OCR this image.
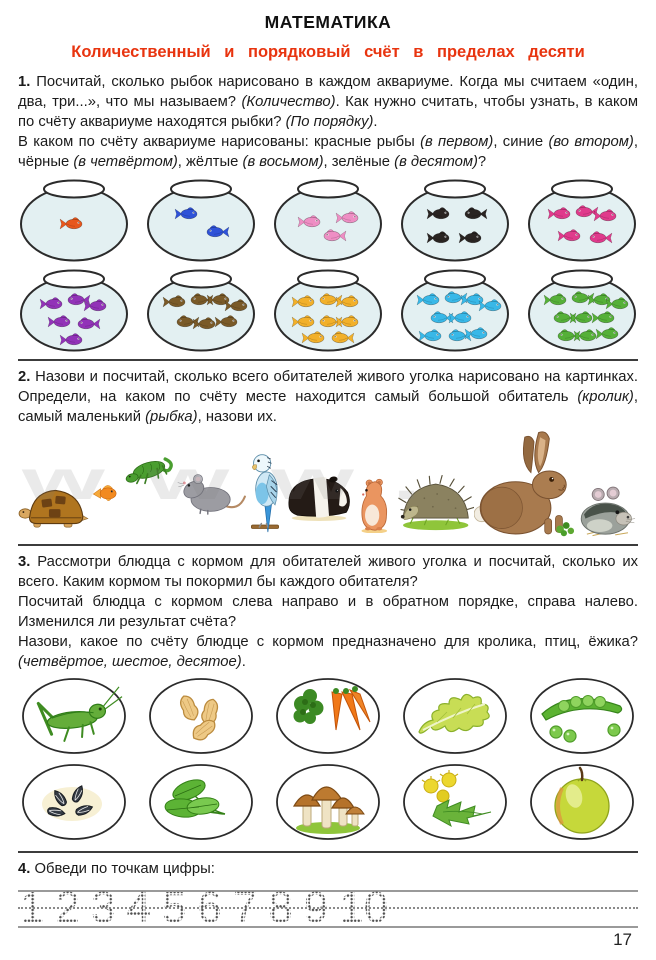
МАТЕМАТИКА
Количественный и порядковый счёт в пределах десяти

1. Посчитай, сколько рыбок нарисовано в каждом аквариуме. Когда мы считаем «один, два, три...», что мы называем? (Количество). Как нужно считать, чтобы узнать, в каком по счёту аквариуме находятся рыбки? (По порядку).

В каком по счёту аквариуме нарисованы: красные рыбы (в первом), синие (во втором), чёрные (в четвёртом), жёлтые (в восьмом), зелёные (в десятом)?

2. Назови и посчитай, сколько всего обитателей живого уголка нарисовано на картинках. Определи, на каком по счёту месте находится самый большой обитатель (кролик), самый маленький (рыбка), назови их.

www.

3. Рассмотри блюдца с кормом для обитателей живого уголка и посчитай, сколько их всего. Каким кормом ты покормил бы каждого обитателя?

Посчитай блюдца с кормом слева направо и в обратном порядке, справа налево. Изменился ли результат счёта?

Назови, какое по счёту блюдце с кормом предназначено для кролика, птиц, ёжика? (четвёртое, шестое, десятое).

4. Обведи по точкам цифры:

1 2 3 4 5 6 7 8 9 10
17
